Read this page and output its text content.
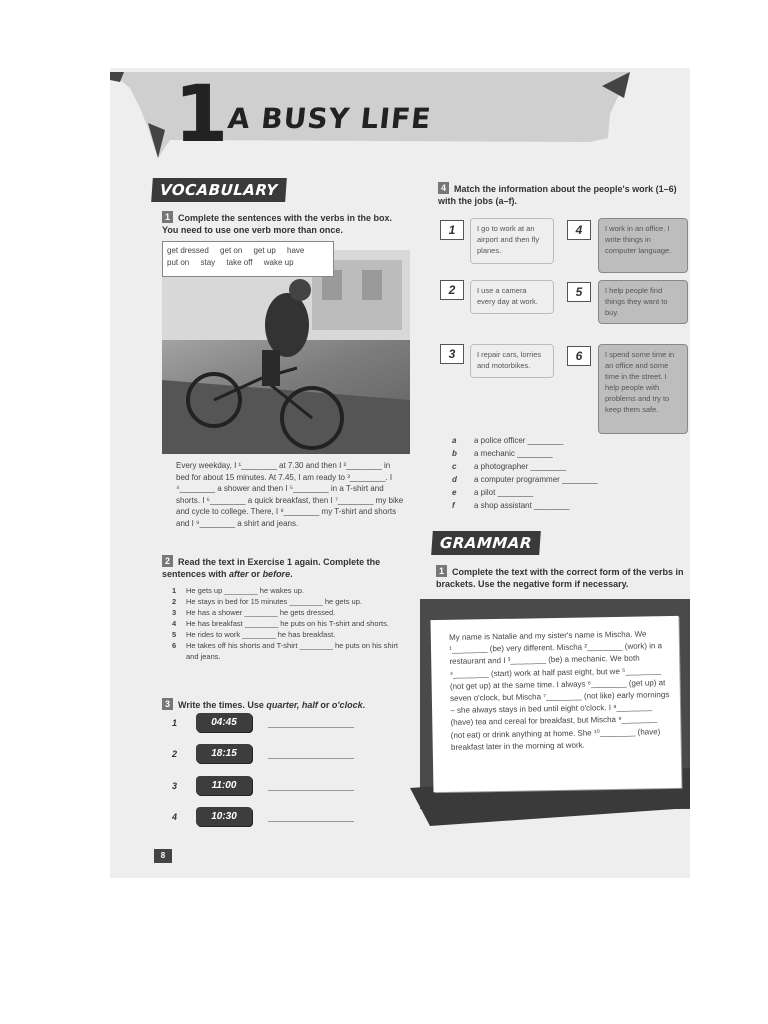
1
A BUSY LIFE
VOCABULARY
1 Complete the sentences with the verbs in the box. You need to use one verb more than once.
get dressed get on get up have
put on stay take off wake up
Every weekday, I ¹________ at 7.30 and then I ²________ in bed for about 15 minutes. At 7.45, I am ready to ³________. I ⁴________ a shower and then I ⁵________ in a T-shirt and shorts. I ⁶________ a quick breakfast, then I ⁷________ my bike and cycle to college. There, I ⁸________ my T-shirt and shorts and I ⁹________ a shirt and jeans.
2 Read the text in Exercise 1 again. Complete the sentences with after or before.
1	He gets up ________ he wakes up.
2	He stays in bed for 15 minutes ________ he gets up.
3	He has a shower ________ he gets dressed.
4	He has breakfast ________ he puts on his T-shirt and shorts.
5	He rides to work ________ he has breakfast.
6	He takes off his shorts and T-shirt ________ he puts on his shirt and jeans.
3 Write the times. Use quarter, half or o'clock.
1	04:45
2	18:15
3	11:00
4	10:30
4 Match the information about the people's work (1–6) with the jobs (a–f).
1	I go to work at an airport and then fly planes.
4	I work in an office. I write things in computer language.
2	I use a camera every day at work.
5	I help people find things they want to buy.
3	I repair cars, lorries and motorbikes.
6	I spend some time in an office and some time in the street. I help people with problems and try to keep them safe.
a	a police officer ________
b	a mechanic ________
c	a photographer ________
d	a computer programmer ________
e	a pilot ________
f	a shop assistant ________
GRAMMAR
1 Complete the text with the correct form of the verbs in brackets. Use the negative form if necessary.
My name is Natalie and my sister's name is Mischa. We ¹________ (be) very different. Mischa ²________ (work) in a restaurant and I ³________ (be) a mechanic. We both ⁴________ (start) work at half past eight, but we ⁵________ (not get up) at the same time. I always ⁶________ (get up) at seven o'clock, but Mischa ⁷________ (not like) early mornings – she always stays in bed until eight o'clock. I ⁸________ (have) tea and cereal for breakfast, but Mischa ⁹________ (not eat) or drink anything at home. She ¹⁰________ (have) breakfast later in the morning at work.
8
